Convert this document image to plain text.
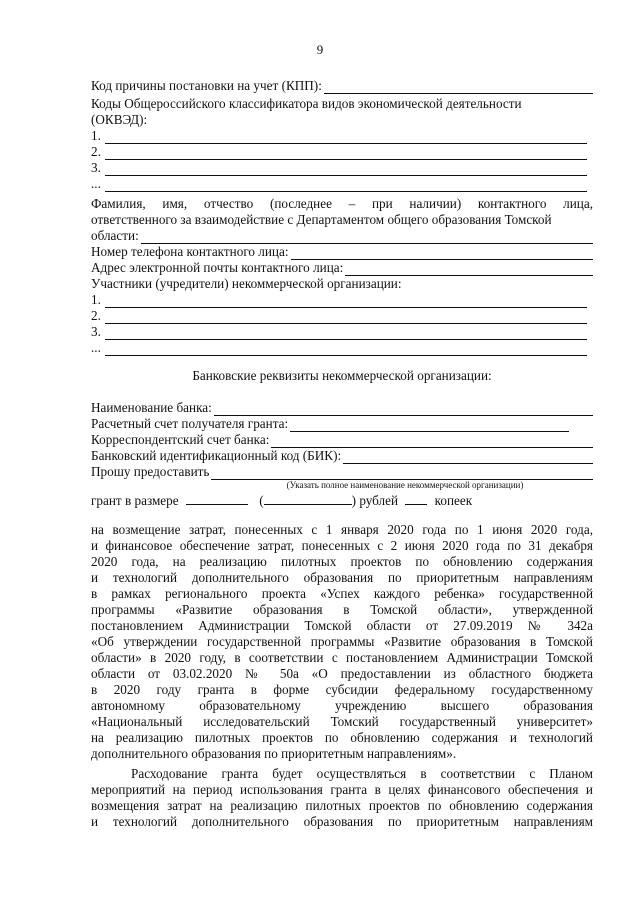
9
Код причины постановки на учет (КПП):
Коды Общероссийского классификатора видов экономической деятельности
(ОКВЭД):
1.
2.
3.
...
Фамилия, имя, отчество (последнее – при наличии) контактного лица,
ответственного за взаимодействие с Департаментом общего образования Томской
области:
Номер телефона контактного лица:
Адрес электронной почты контактного лица:
Участники (учредители) некоммерческой организации:
1.
2.
3.
...
Банковские реквизиты некоммерческой организации:
Наименование банка:
Расчетный счет получателя гранта:
Корреспондентский счет банка:
Банковский идентификационный код (БИК):
Прошу предоставить
(Указать полное наименование некоммерческой организации)
грант в размере	(	) рублей	копеек
на возмещение затрат, понесенных с 1 января 2020 года по 1 июня 2020 года,
и финансовое обеспечение затрат, понесенных с 2 июня 2020 года по 31 декабря
2020 года, на реализацию пилотных проектов по обновлению содержания
и технологий дополнительного образования по приоритетным направлениям
в рамках регионального проекта «Успех каждого ребенка» государственной
программы «Развитие образования в Томской области», утвержденной
постановлением Администрации Томской области от 27.09.2019 № 342а
«Об утверждении государственной программы «Развитие образования в Томской
области» в 2020 году, в соответствии с постановлением Администрации Томской
области от 03.02.2020 № 50а «О предоставлении из областного бюджета
в 2020 году гранта в форме субсидии федеральному государственному
автономному образовательному учреждению высшего образования
«Национальный исследовательский Томский государственный университет»
на реализацию пилотных проектов по обновлению содержания и технологий
дополнительного образования по приоритетным направлениям».
Расходование гранта будет осуществляться в соответствии с Планом
мероприятий на период использования гранта в целях финансового обеспечения и
возмещения затрат на реализацию пилотных проектов по обновлению содержания
и технологий дополнительного образования по приоритетным направлениям
